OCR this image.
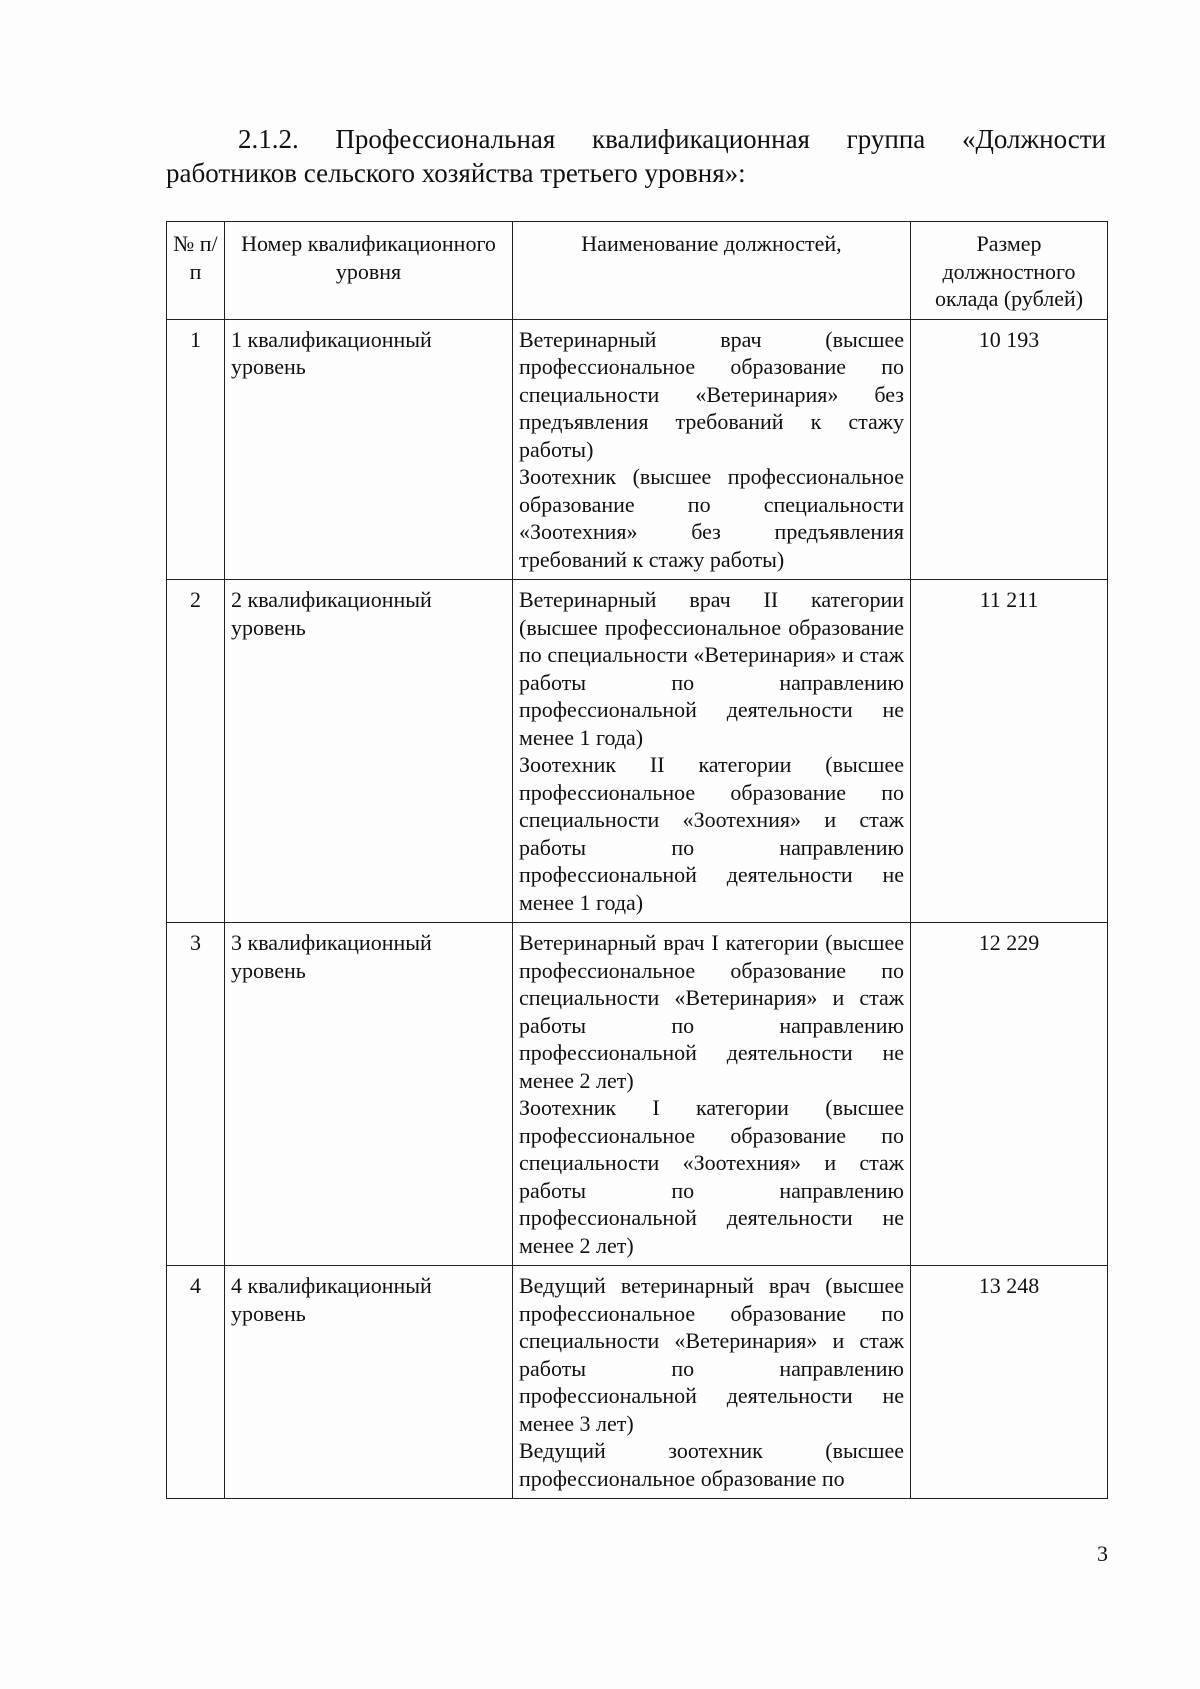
2.1.2. Профессиональная квалификационная группа «Должности
работников сельского хозяйства третьего уровня»:
№ п/п	Номер квалификационного уровня	Наименование должностей,	Размер должностного оклада (рублей)
1	1 квалификационный уровень	Ветеринарный врач (высшее профессиональное образование по специальности «Ветеринария» без предъявления требований к стажу работы)
Зоотехник (высшее профессиональное образование по специальности «Зоотехния» без предъявления требований к стажу работы)	10 193
2	2 квалификационный уровень	Ветеринарный врач II категории (высшее профессиональное образование по специальности «Ветеринария» и стаж работы по направлению профессиональной деятельности не менее 1 года)
Зоотехник II категории (высшее профессиональное образование по специальности «Зоотехния» и стаж работы по направлению профессиональной деятельности не менее 1 года)	11 211
3	3 квалификационный уровень	Ветеринарный врач I категории (высшее профессиональное образование по специальности «Ветеринария» и стаж работы по направлению профессиональной деятельности не менее 2 лет)
Зоотехник I категории (высшее профессиональное образование по специальности «Зоотехния» и стаж работы по направлению профессиональной деятельности не менее 2 лет)	12 229
4	4 квалификационный уровень	Ведущий ветеринарный врач (высшее профессиональное образование по специальности «Ветеринария» и стаж работы по направлению профессиональной деятельности не менее 3 лет)
Ведущий зоотехник (высшее профессиональное образование по	13 248
3
